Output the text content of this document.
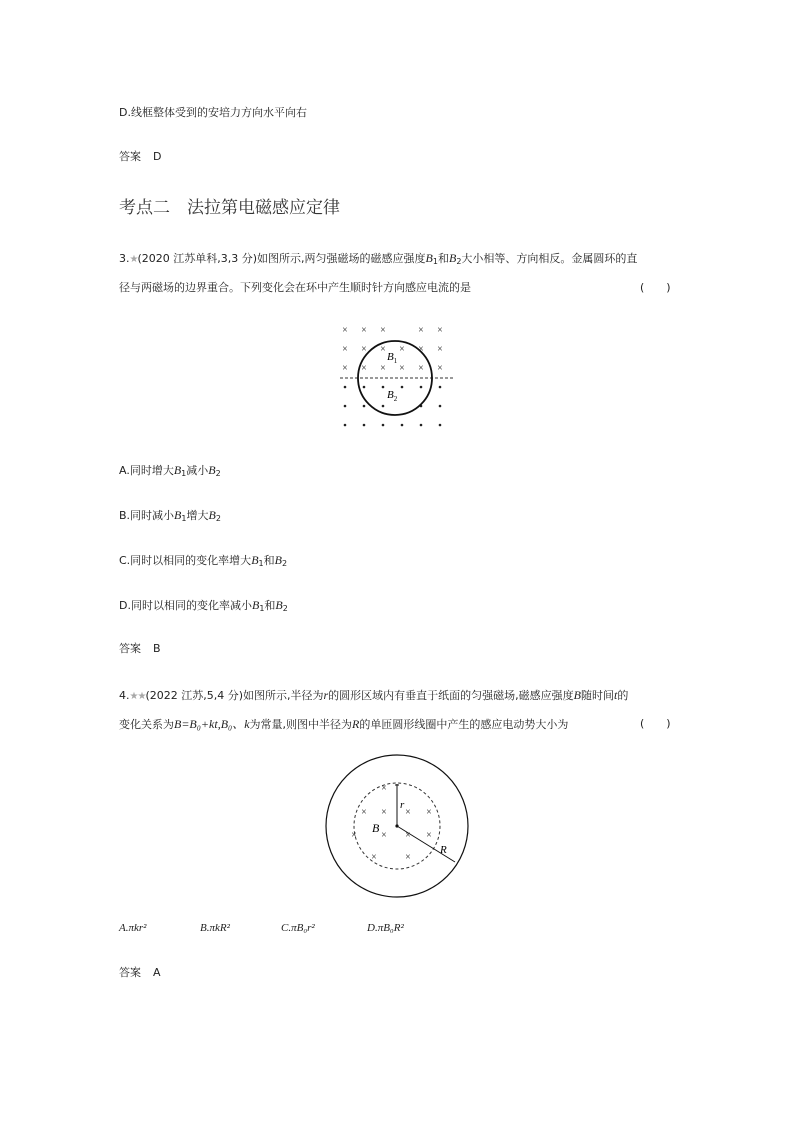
D.线框整体受到的安培力方向水平向右
答案 D
考点二　法拉第电磁感应定律
3.★(2020 江苏单科,3,3 分)如图所示,两匀强磁场的磁感应强度$B_1$和$B_2$大小相等、方向相反。金属圆环的直
径与两磁场的边界重合。下列变化会在环中产生顺时针方向感应电流的是	(　　)
× × ×	× ×
× × × × × ×
× × × × × ×
$B_1$
$B_2$
A.同时增大$B_1$减小$B_2$
B.同时减小$B_1$增大$B_2$
C.同时以相同的变化率增大$B_1$和$B_2$
D.同时以相同的变化率减小$B_1$和$B_2$
答案 B
4.★★(2022 江苏,5,4 分)如图所示,半径为r的圆形区域内有垂直于纸面的匀强磁场,磁感应强度B随时间t的
变化关系为B=B₀+kt,B₀、k为常量,则图中半径为R的单匝圆形线圈中产生的感应电动势大小为	(　　)
×
× × × ×
× × × ×
×	×
r
B
R
A.πkr²	B.πkR²	C.πB₀r²	D.πB₀R²
答案 A
